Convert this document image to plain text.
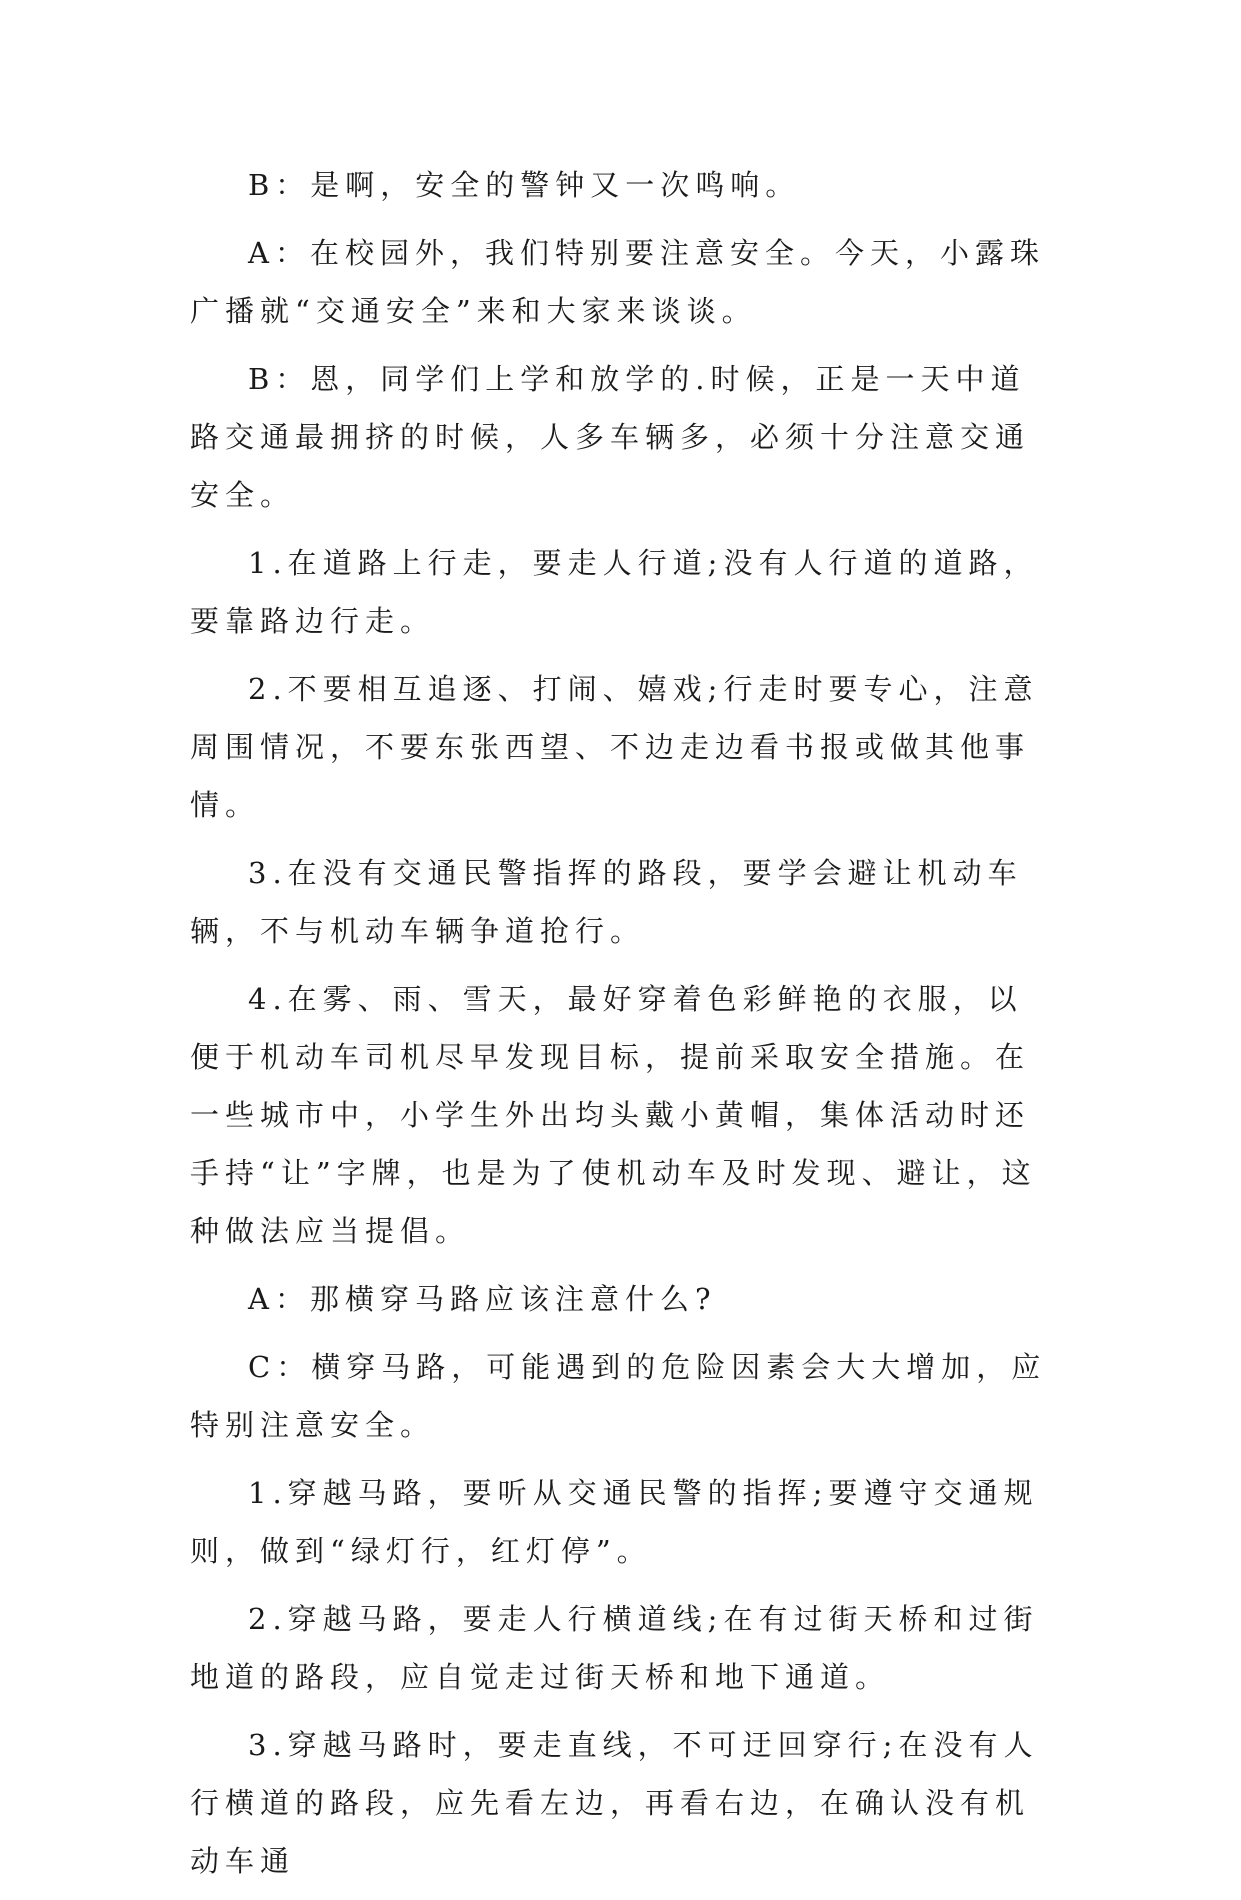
B：是啊，安全的警钟又一次鸣响。

A：在校园外，我们特别要注意安全。今天，小露珠广播就“交通安全”来和大家来谈谈。

B：恩，同学们上学和放学的.时候，正是一天中道路交通最拥挤的时候，人多车辆多，必须十分注意交通安全。

1.在道路上行走，要走人行道;没有人行道的道路，要靠路边行走。

2.不要相互追逐、打闹、嬉戏;行走时要专心，注意周围情况，不要东张西望、不边走边看书报或做其他事情。

3.在没有交通民警指挥的路段，要学会避让机动车辆，不与机动车辆争道抢行。

4.在雾、雨、雪天，最好穿着色彩鲜艳的衣服，以便于机动车司机尽早发现目标，提前采取安全措施。在一些城市中，小学生外出均头戴小黄帽，集体活动时还手持“让”字牌，也是为了使机动车及时发现、避让，这种做法应当提倡。

A：那横穿马路应该注意什么?

C：横穿马路，可能遇到的危险因素会大大增加，应特别注意安全。

1.穿越马路，要听从交通民警的指挥;要遵守交通规则，做到“绿灯行，红灯停”。

2.穿越马路，要走人行横道线;在有过街天桥和过街地道的路段，应自觉走过街天桥和地下通道。

3.穿越马路时，要走直线，不可迂回穿行;在没有人行横道的路段，应先看左边，再看右边，在确认没有机动车通
